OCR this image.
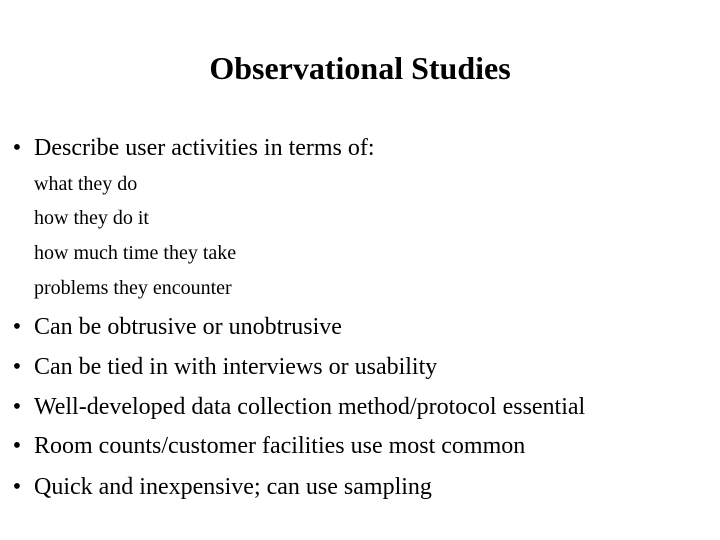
Observational Studies
• Describe user activities in terms of:
what they do
how they do it
how much time they take
problems they encounter
• Can be obtrusive or unobtrusive
• Can be tied in with interviews or usability
• Well-developed data collection method/protocol essential
• Room counts/customer facilities use most common
• Quick and inexpensive; can use sampling
